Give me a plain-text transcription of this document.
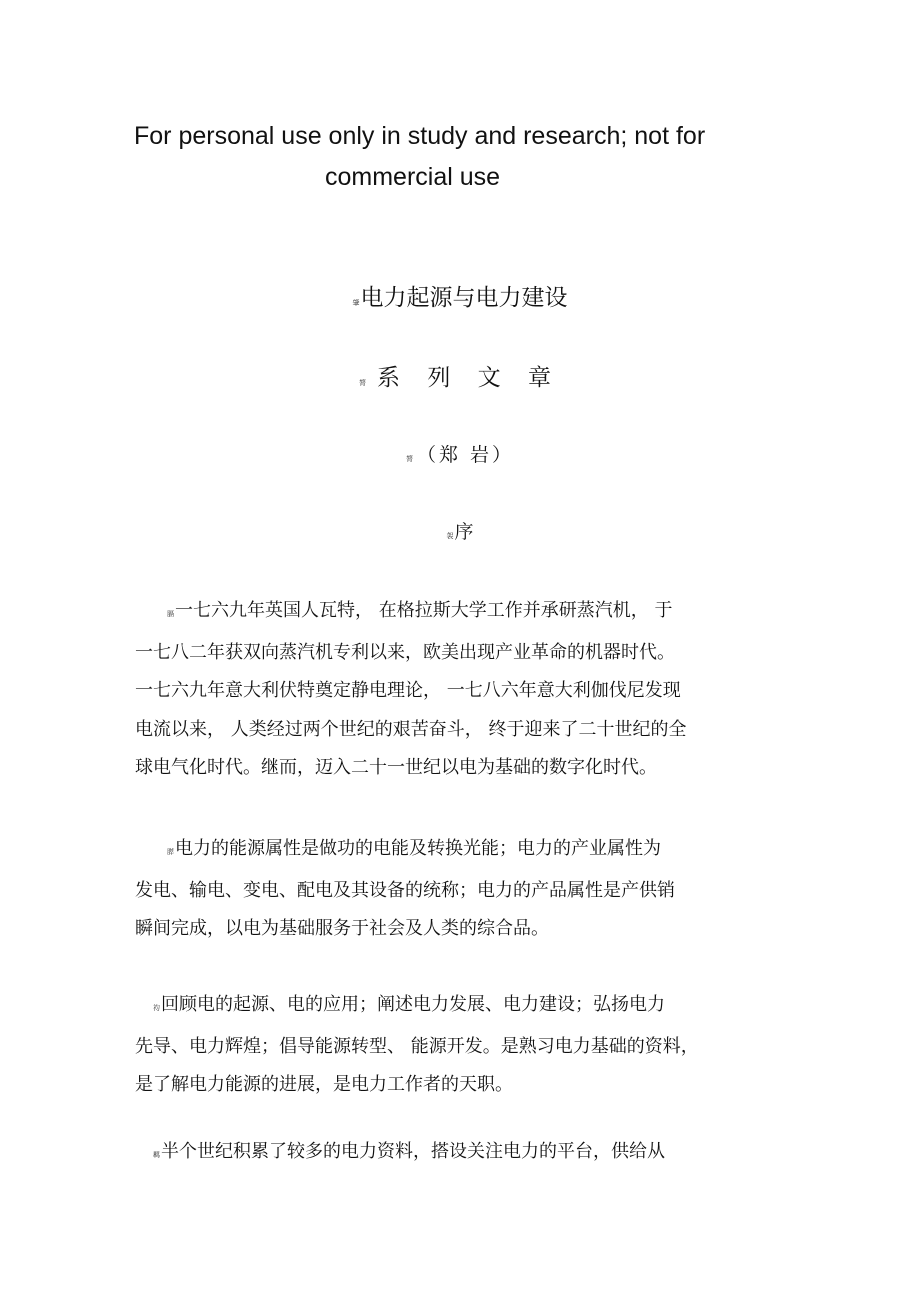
For personal use only in study and research; not for
commercial use
肇电力起源与电力建设
膂系 列 文 章
膂（郑 岩）
袈序
膈一七六九年英国人瓦特， 在格拉斯大学工作并承研蒸汽机， 于
一七八二年获双向蒸汽机专利以来，欧美出现产业革命的机器时代。
一七六九年意大利伏特奠定静电理论， 一七八六年意大利伽伐尼发现
电流以来， 人类经过两个世纪的艰苦奋斗， 终于迎来了二十世纪的全
球电气化时代。继而，迈入二十一世纪以电为基础的数字化时代。
膵电力的能源属性是做功的电能及转换光能；电力的产业属性为
发电、输电、变电、配电及其设备的统称；电力的产品属性是产供销
瞬间完成，以电为基础服务于社会及人类的综合品。
袀回顾电的起源、电的应用；阐述电力发展、电力建设；弘扬电力
先导、电力辉煌；倡导能源转型、 能源开发。是熟习电力基础的资料，
是了解电力能源的进展，是电力工作者的天职。
羁半个世纪积累了较多的电力资料，搭设关注电力的平台，供给从
